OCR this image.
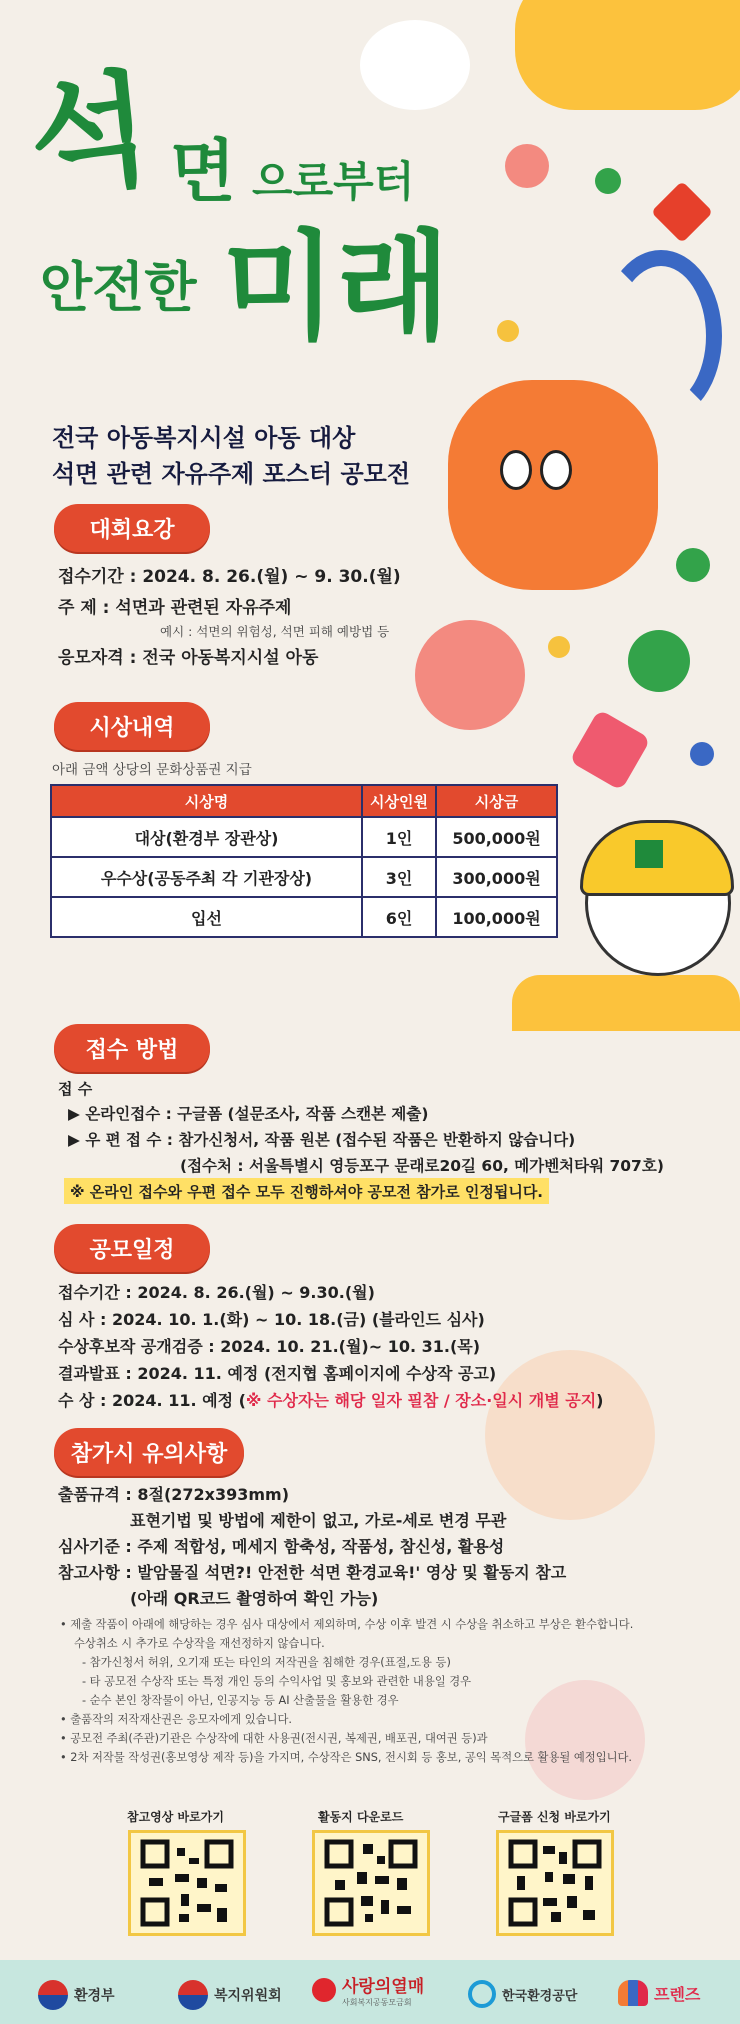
석 면 으로부터
안전한 미래
전국 아동복지시설 아동 대상
석면 관련 자유주제 포스터 공모전
대회요강
접수기간 : 2024. 8. 26.(월) ~ 9. 30.(월)
주 제 : 석면과 관련된 자유주제
예시 : 석면의 위험성, 석면 피해 예방법 등
응모자격 : 전국 아동복지시설 아동
시상내역
아래 금액 상당의 문화상품권 지급
시상명	시상인원	시상금
대상(환경부 장관상)	1인	500,000원
우수상(공동주최 각 기관장상)	3인	300,000원
입선	6인	100,000원
접수 방법
접 수
▶ 온라인접수 : 구글폼 (설문조사, 작품 스캔본 제출)
▶ 우 편 접 수 : 참가신청서, 작품 원본 (접수된 작품은 반환하지 않습니다)
(접수처 : 서울특별시 영등포구 문래로20길 60, 메가벤처타워 707호)
※ 온라인 접수와 우편 접수 모두 진행하셔야 공모전 참가로 인정됩니다.
공모일정
접수기간 : 2024. 8. 26.(월) ~ 9.30.(월)
심 사 : 2024. 10. 1.(화) ~ 10. 18.(금) (블라인드 심사)
수상후보작 공개검증 : 2024. 10. 21.(월)~ 10. 31.(목)
결과발표 : 2024. 11. 예정 (전지협 홈페이지에 수상작 공고)
수 상 : 2024. 11. 예정 (※ 수상자는 해당 일자 필참 / 장소·일시 개별 공지)
참가시 유의사항
출품규격 : 8절(272x393mm)
표현기법 및 방법에 제한이 없고, 가로-세로 변경 무관
심사기준 : 주제 적합성, 메세지 함축성, 작품성, 참신성, 활용성
참고사항 : 발암물질 석면?! 안전한 석면 환경교육!' 영상 및 활동지 참고
(아래 QR코드 촬영하여 확인 가능)
• 제출 작품이 아래에 해당하는 경우 심사 대상에서 제외하며, 수상 이후 발견 시 수상을 취소하고 부상은 환수합니다.
수상취소 시 추가로 수상작을 재선정하지 않습니다.
- 참가신청서 허위, 오기재 또는 타인의 저작권을 침해한 경우(표절,도용 등)
- 타 공모전 수상작 또는 특정 개인 등의 수익사업 및 홍보와 관련한 내용일 경우
- 순수 본인 창작물이 아닌, 인공지능 등 AI 산출물을 활용한 경우
• 출품작의 저작재산권은 응모자에게 있습니다.
• 공모전 주최(주관)기관은 수상작에 대한 사용권(전시권, 복제권, 배포권, 대여권 등)과
• 2차 저작물 작성권(홍보영상 제작 등)을 가지며, 수상작은 SNS, 전시회 등 홍보, 공익 목적으로 활용될 예정입니다.
참고영상 바로가기	활동지 다운로드	구글폼 신청 바로가기
환경부	복지위원회	사랑의열매
사회복지공동모금회	한국환경공단	프렌즈
